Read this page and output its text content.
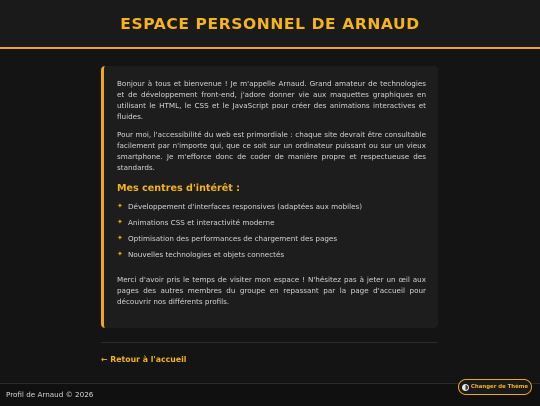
ESPACE PERSONNEL DE ARNAUD

Bonjour à tous et bienvenue ! Je m'appelle Arnaud. Grand amateur de technologies et de développement front-end, j'adore donner vie aux maquettes graphiques en utilisant le HTML, le CSS et le JavaScript pour créer des animations interactives et fluides.

Pour moi, l'accessibilité du web est primordiale : chaque site devrait être consultable facilement par n'importe qui, que ce soit sur un ordinateur puissant ou sur un vieux smartphone. Je m'efforce donc de coder de manière propre et respectueuse des standards.

Mes centres d'intérêt :
✦ Développement d'interfaces responsives (adaptées aux mobiles)
✦ Animations CSS et interactivité moderne
✦ Optimisation des performances de chargement des pages
✦ Nouvelles technologies et objets connectés

Merci d'avoir pris le temps de visiter mon espace ! N'hésitez pas à jeter un œil aux pages des autres membres du groupe en repassant par la page d'accueil pour découvrir nos différents profils.

← Retour à l'accueil
Profil de Arnaud © 2026
Changer de Thème
